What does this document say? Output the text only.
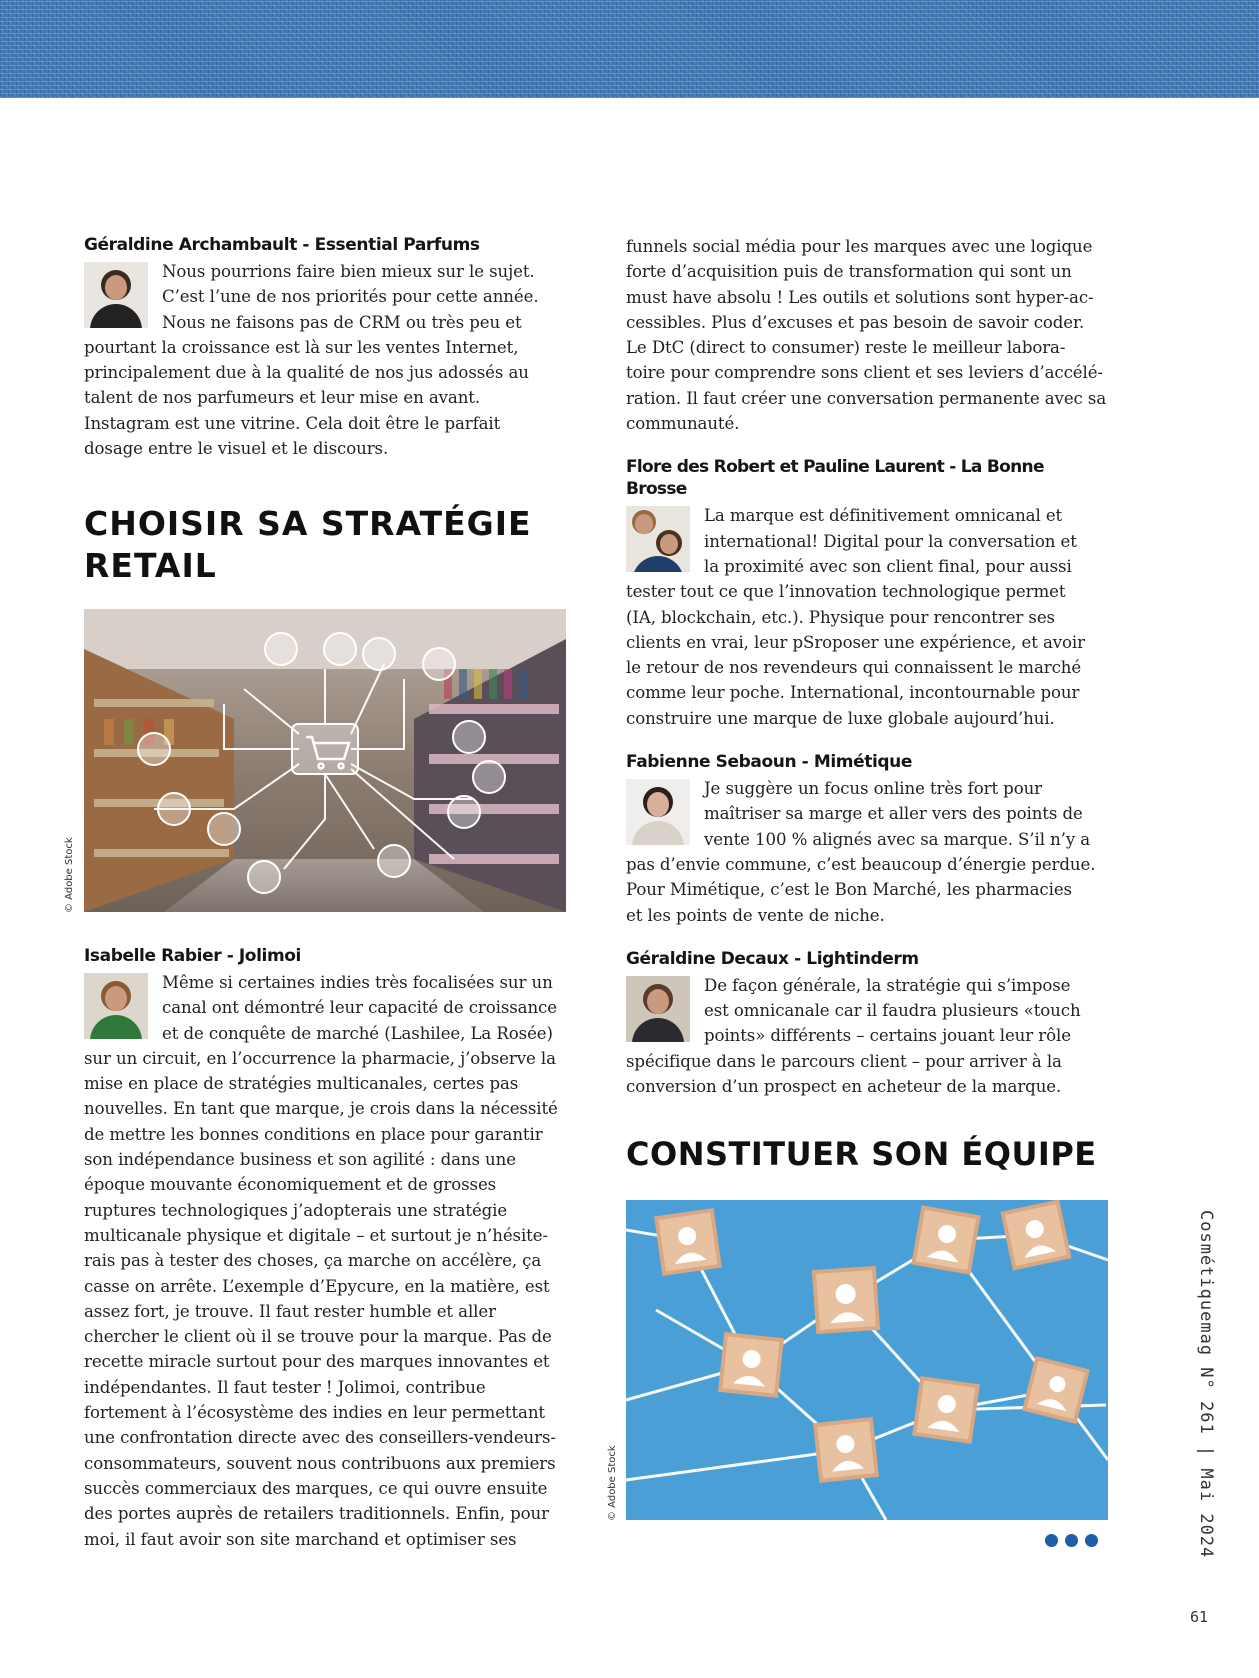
Géraldine Archambault - Essential Parfums

Nous pourrions faire bien mieux sur le sujet.
C’est l’une de nos priorités pour cette année.
Nous ne faisons pas de CRM ou très peu et
pourtant la croissance est là sur les ventes Internet,
principalement due à la qualité de nos jus adossés au
talent de nos parfumeurs et leur mise en avant.
Instagram est une vitrine. Cela doit être le parfait
dosage entre le visuel et le discours.

CHOISIR SA STRATÉGIE

RETAIL

© Adobe Stock

Isabelle Rabier - Jolimoi

Même si certaines indies très focalisées sur un
canal ont démontré leur capacité de croissance
et de conquête de marché (Lashilee, La Rosée)
sur un circuit, en l’occurrence la pharmacie, j’observe la
mise en place de stratégies multicanales, certes pas
nouvelles. En tant que marque, je crois dans la nécessité
de mettre les bonnes conditions en place pour garantir
son indépendance business et son agilité : dans une
époque mouvante économiquement et de grosses
ruptures technologiques j’adopterais une stratégie
multicanale physique et digitale – et surtout je n’hésite-
rais pas à tester des choses, ça marche on accélère, ça
casse on arrête. L’exemple d’Epycure, en la matière, est
assez fort, je trouve. Il faut rester humble et aller
chercher le client où il se trouve pour la marque. Pas de
recette miracle surtout pour des marques innovantes et
indépendantes. Il faut tester ! Jolimoi, contribue
fortement à l’écosystème des indies en leur permettant
une confrontation directe avec des conseillers-vendeurs-
consommateurs, souvent nous contribuons aux premiers
succès commerciaux des marques, ce qui ouvre ensuite
des portes auprès de retailers traditionnels. Enfin, pour
moi, il faut avoir son site marchand et optimiser ses

funnels social média pour les marques avec une logique
forte d’acquisition puis de transformation qui sont un
must have absolu ! Les outils et solutions sont hyper-ac-
cessibles. Plus d’excuses et pas besoin de savoir coder.
Le DtC (direct to consumer) reste le meilleur labora-
toire pour comprendre sons client et ses leviers d’accélé-
ration. Il faut créer une conversation permanente avec sa
communauté.

Flore des Robert et Pauline Laurent - La Bonne Brosse

La marque est définitivement omnicanal et
international! Digital pour la conversation et
la proximité avec son client final, pour aussi
tester tout ce que l’innovation technologique permet
(IA, blockchain, etc.). Physique pour rencontrer ses
clients en vrai, leur pSroposer une expérience, et avoir
le retour de nos revendeurs qui connaissent le marché
comme leur poche. International, incontournable pour
construire une marque de luxe globale aujourd’hui.

Fabienne Sebaoun - Mimétique

Je suggère un focus online très fort pour
maîtriser sa marge et aller vers des points de
vente 100 % alignés avec sa marque. S’il n’y a
pas d’envie commune, c’est beaucoup d’énergie perdue.
Pour Mimétique, c’est le Bon Marché, les pharmacies
et les points de vente de niche.

Géraldine Decaux - Lightinderm

De façon générale, la stratégie qui s’impose
est omnicanale car il faudra plusieurs «touch
points» différents – certains jouant leur rôle
spécifique dans le parcours client – pour arriver à la
conversion d’un prospect en acheteur de la marque.

CONSTITUER SON ÉQUIPE

© Adobe Stock	Cosmétiquemag N° 261 | Mai 2024
61
